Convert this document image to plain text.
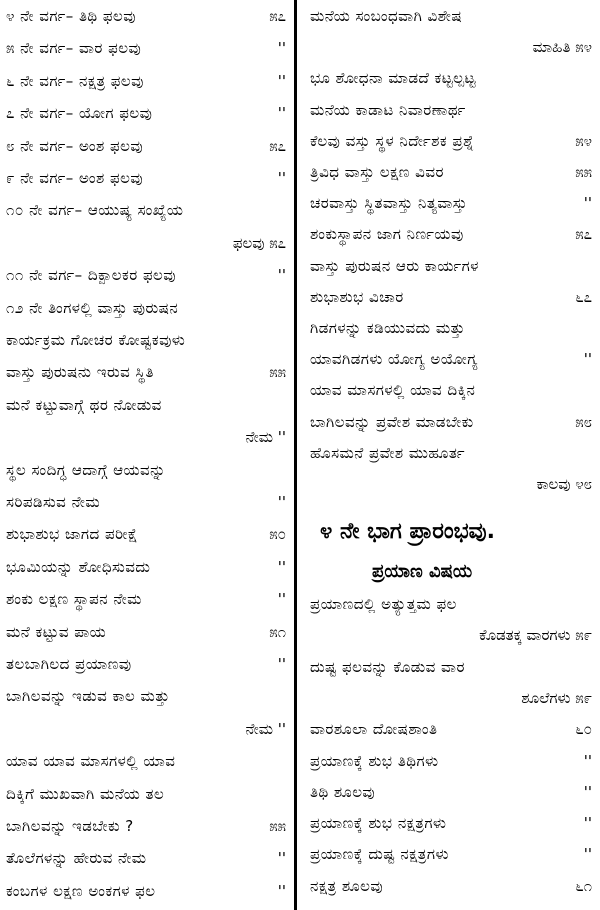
೪ ನೇ ವರ್ಗ– ತಿಥಿ ಫಲವು	೫೭
೫ ನೇ ವರ್ಗ– ವಾರ ಫಲವು	''
೬ ನೇ ವರ್ಗ– ನಕ್ಷತ್ರ ಫಲವು	''
೭ ನೇ ವರ್ಗ– ಯೋಗ ಫಲವು	''
೮ ನೇ ವರ್ಗ– ಅಂಶ ಫಲವು	೫೭
೯ ನೇ ವರ್ಗ– ಅಂಶ ಫಲವು	''
೧೦ ನೇ ವರ್ಗ– ಆಯುಷ್ಯ ಸಂಖ್ಯೆಯ
ಫಲವು ೫೭
೧೧ ನೇ ವರ್ಗ– ದಿಕ್ಪಾಲಕರ ಫಲವು	''
೧೨ ನೇ ತಿಂಗಳಲ್ಲಿ ವಾಸ್ತು ಪುರುಷನ
ಕಾರ್ಯಕ್ರಮ ಗೋಚರ ಕೋಷ್ಟಕವುಳು
ವಾಸ್ತು ಪುರುಷನು ಇರುವ ಸ್ಥಿತಿ	೫೫
ಮನೆ ಕಟ್ಟುವಾಗ್ಗೆ ಥರ ನೋಡುವ
ನೇಮ ''
ಸ್ಥಲ ಸಂದಿಗ್ಧ ಆದಾಗ್ಗೆ ಆಯವನ್ನು
ಸರಿಪಡಿಸುವ ನೇಮ	''
ಶುಭಾಶುಭ ಜಾಗದ ಪರೀಕ್ಷೆ	೫೦
ಭೂಮಿಯನ್ನು ಶೋಧಿಸುವದು	''
ಶಂಕು ಲಕ್ಷಣ ಸ್ಥಾಪನ ನೇಮ	''
ಮನೆ ಕಟ್ಟುವ ಪಾಯ	೫೧
ತಲಬಾಗಿಲದ ಪ್ರಯಾಣವು	''
ಬಾಗಿಲವನ್ನು ಇಡುವ ಕಾಲ ಮತ್ತು
ನೇಮ ''
ಯಾವ ಯಾವ ಮಾಸಗಳಲ್ಲಿ ಯಾವ
ದಿಕ್ಕಿಗೆ ಮುಖವಾಗಿ ಮನೆಯ ತಲ
ಬಾಗಿಲವನ್ನು ಇಡಬೇಕು ?	೫೫
ತೊಲೆಗಳನ್ನು ಹೇರುವ ನೇಮ	''
ಕಂಬಗಳ ಲಕ್ಷಣ ಅಂಕಗಳ ಫಲ	''
೪ ನೇ ಭಾಗ ಪ್ರಾರಂಭವು.
ಪ್ರಯಾಣ ವಿಷಯ
ಮನೆಯ ಸಂಬಂಧವಾಗಿ ವಿಶೇಷ
ಮಾಹಿತಿ ೫೪
ಭೂ ಶೋಧನಾ ಮಾಡದೆ ಕಟ್ಟಲ್ಪಟ್ಟ
ಮನೆಯ ಕಾಡಾಟ ನಿವಾರಣಾರ್ಥ
ಕೆಲವು ವಸ್ತು ಸ್ಥಳ ನಿರ್ದೇಶಕ ಪ್ರಶ್ನೆ	೫೪
ತ್ರಿವಿಧ ವಾಸ್ತು ಲಕ್ಷಣ ವಿವರ	೫೫
ಚರವಾಸ್ತು ಸ್ಥಿತವಾಸ್ತು ನಿತ್ಯವಾಸ್ತು	''
ಶಂಕುಸ್ಥಾಪನ ಜಾಗ ನಿರ್ಣಯವು	೫೭
ವಾಸ್ತು ಪುರುಷನ ಆರು ಕಾರ್ಯಗಳ
ಶುಭಾಶುಭ ವಿಚಾರ	೬೭
ಗಿಡಗಳನ್ನು ಕಡಿಯುವದು ಮತ್ತು
ಯಾವಗಿಡಗಳು ಯೋಗ್ಯ ಅಯೋಗ್ಯ	''
ಯಾವ ಮಾಸಗಳಲ್ಲಿ ಯಾವ ದಿಕ್ಕಿನ
ಬಾಗಿಲವನ್ನು ಪ್ರವೇಶ ಮಾಡಬೇಕು	೫೮
ಹೊಸಮನೆ ಪ್ರವೇಶ ಮುಹೂರ್ತ
ಕಾಲವು ೪೮
ಪ್ರಯಾಣದಲ್ಲಿ ಅತ್ಯುತ್ತಮ ಫಲ
ಕೊಡತಕ್ಕ ವಾರಗಳು ೫೯
ದುಷ್ಟ ಫಲವನ್ನು ಕೊಡುವ ವಾರ
ಶೂಲೆಗಳು ೫೯
ವಾರಶೂಲಾ ದೋಷಶಾಂತಿ	೬೦
ಪ್ರಯಾಣಕ್ಕೆ ಶುಭ ತಿಥಿಗಳು	''
ತಿಥಿ ಶೂಲವು	''
ಪ್ರಯಾಣಕ್ಕೆ ಶುಭ ನಕ್ಷತ್ರಗಳು	''
ಪ್ರಯಾಣಕ್ಕೆ ದುಷ್ಟ ನಕ್ಷತ್ರಗಳು	''
ನಕ್ಷತ್ರ ಶೂಲವು	೬೧
